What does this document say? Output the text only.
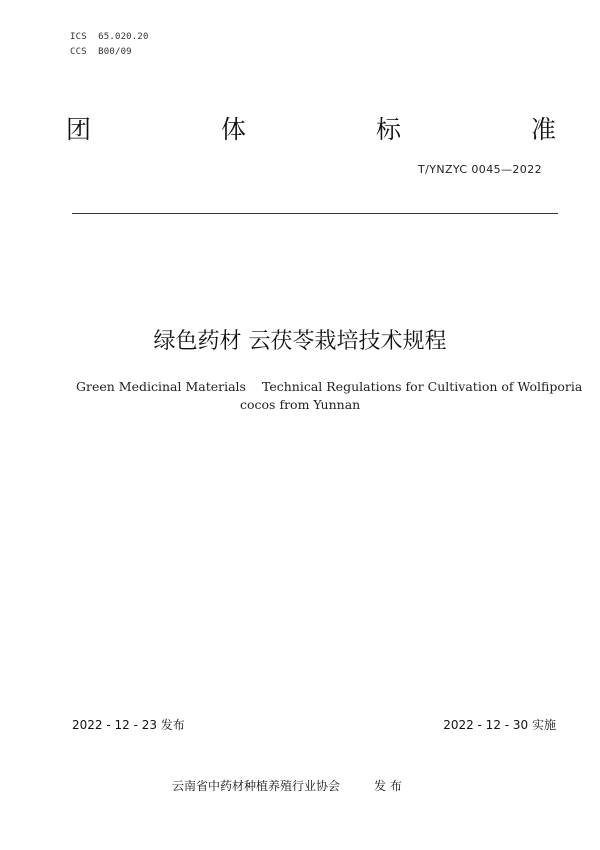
ICS  65.020.20
CCS  B00/09
团	体	标	准
T/YNZYC 0045—2022
绿色药材 云茯苓栽培技术规程
Green Medicinal Materials Technical Regulations for Cultivation of Wolfiporia
cocos from Yunnan
2022 - 12 - 23 发布	2022 - 12 - 30 实施
云南省中药材种植养殖行业协会	发 布
